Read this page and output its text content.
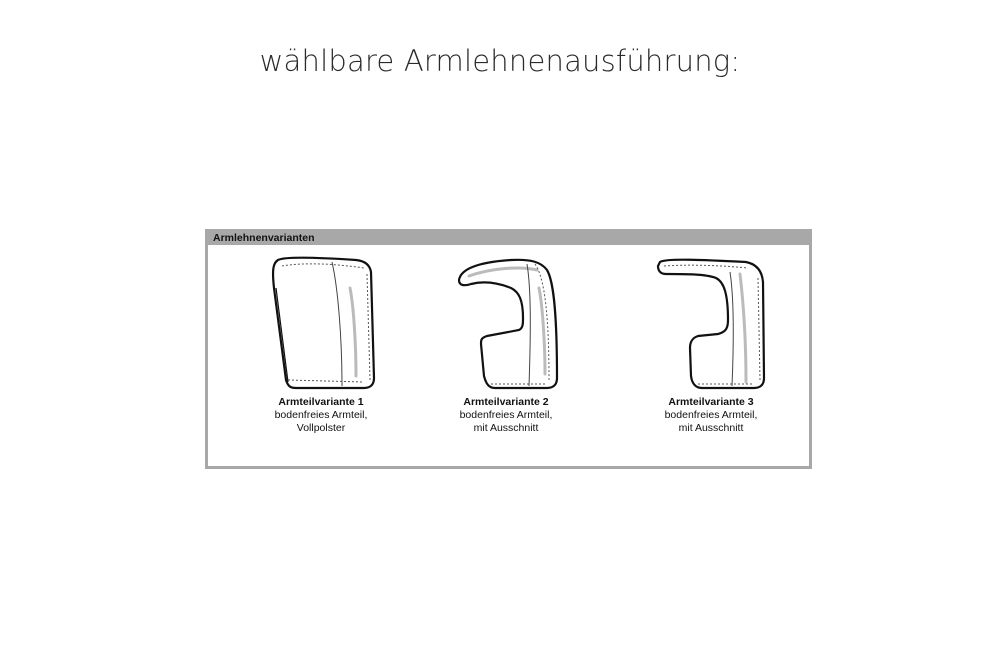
wählbare Armlehnenausführung:
Armlehnenvarianten
Armteilvariante 1
bodenfreies Armteil,
Vollpolster
Armteilvariante 2
bodenfreies Armteil,
mit Ausschnitt
Armteilvariante 3
bodenfreies Armteil,
mit Ausschnitt
